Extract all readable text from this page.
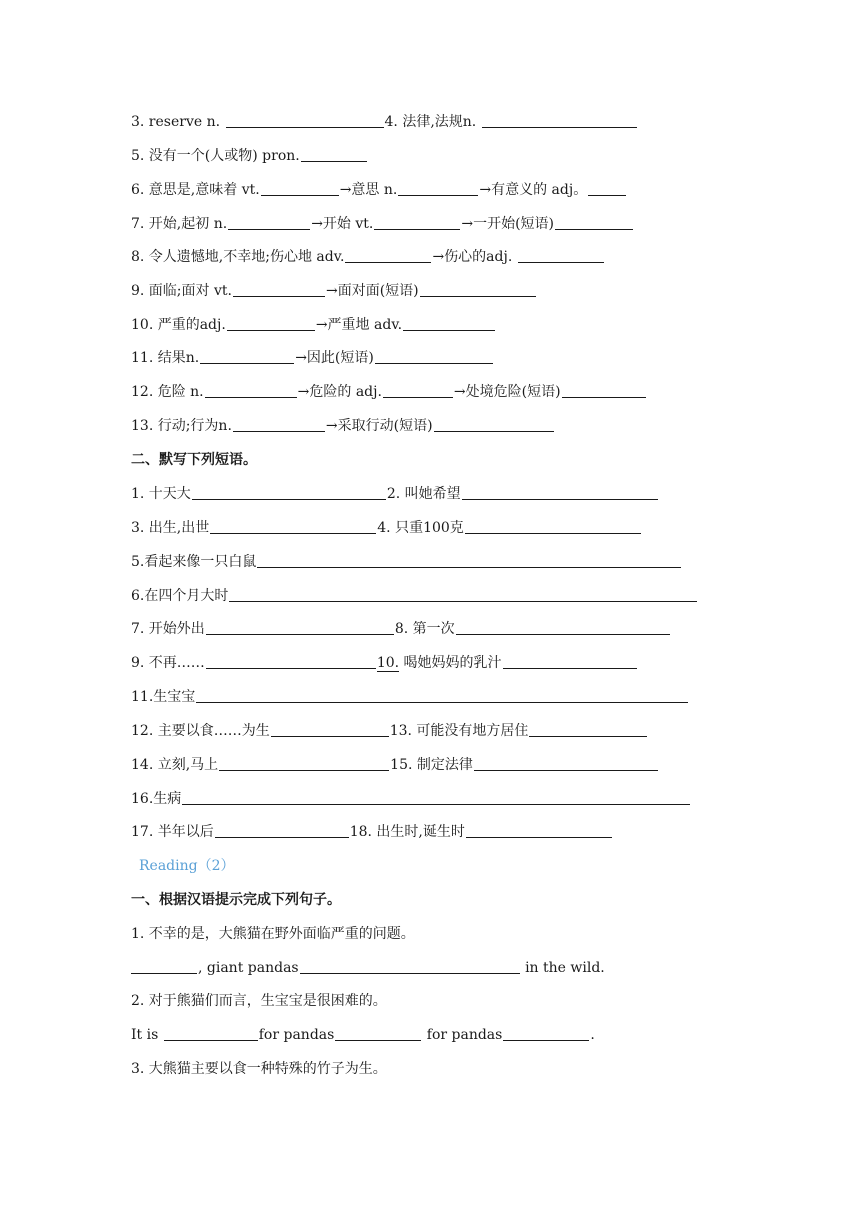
3. reserve n.	4. 法律,法规n.
5. 没有一个(人或物) pron.
6. 意思是,意味着 vt.	→意思 n.	→有意义的 adj。
7. 开始,起初 n.	→开始 vt.	→一开始(短语)
8. 令人遗憾地,不幸地;伤心地 adv.	→伤心的adj.
9. 面临;面对 vt.	→面对面(短语)
10. 严重的adj.	→严重地 adv.
11. 结果n.	→因此(短语)
12. 危险 n.	→危险的 adj.	→处境危险(短语)
13. 行动;行为n.	→采取行动(短语)
二、默写下列短语。
1. 十天大	2. 叫她希望
3. 出生,出世	4. 只重100克
5.看起来像一只白鼠
6.在四个月大时
7. 开始外出	8. 第一次
9. 不再……	10. 喝她妈妈的乳汁
11.生宝宝
12. 主要以食……为生	13. 可能没有地方居住
14. 立刻,马上	15. 制定法律
16.生病
17. 半年以后	18. 出生时,诞生时
Reading（2）
一、根据汉语提示完成下列句子。
1. 不幸的是，大熊猫在野外面临严重的问题。
, giant pandas	in the wild.
2. 对于熊猫们而言，生宝宝是很困难的。
It is	for pandas	for pandas	.
3. 大熊猫主要以食一种特殊的竹子为生。
